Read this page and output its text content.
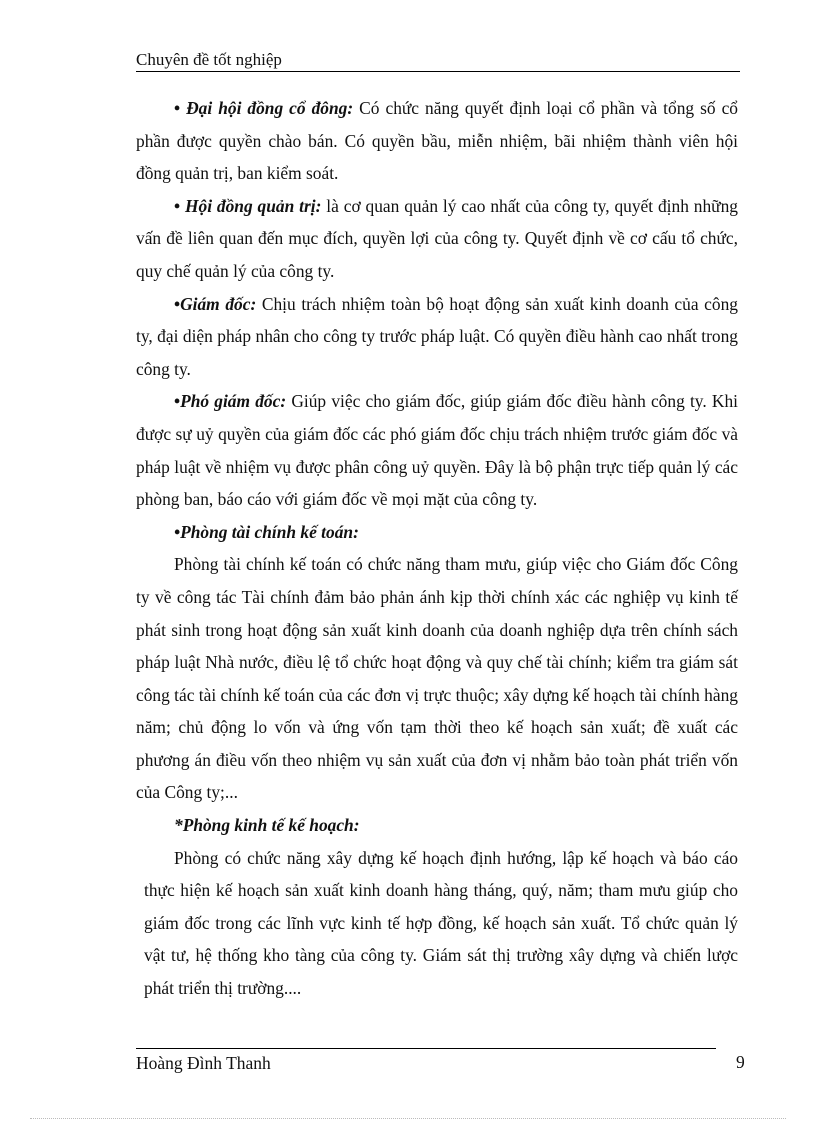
Chuyên đề tốt nghiệp

• Đại hội đồng cổ đông: Có chức năng quyết định loại cổ phần và tổng số cổ phần được quyền chào bán. Có quyền bầu, miễn nhiệm, bãi nhiệm thành viên hội đồng quản trị, ban kiểm soát.

• Hội đồng quản trị: là cơ quan quản lý cao nhất của công ty, quyết định những vấn đề liên quan đến mục đích, quyền lợi của công ty. Quyết định về cơ cấu tổ chức, quy chế quản lý của công ty.

•Giám đốc: Chịu trách nhiệm toàn bộ hoạt động sản xuất kinh doanh của công ty, đại diện pháp nhân cho công ty trước pháp luật. Có quyền điều hành cao nhất trong công ty.

•Phó giám đốc: Giúp việc cho giám đốc, giúp giám đốc điều hành công ty. Khi được sự uỷ quyền của giám đốc các phó giám đốc chịu trách nhiệm trước giám đốc và pháp luật về nhiệm vụ được phân công uỷ quyền. Đây là bộ phận trực tiếp quản lý các phòng ban, báo cáo với giám đốc về mọi mặt của công ty.

•Phòng tài chính kế toán:

Phòng tài chính kế toán có chức năng tham mưu, giúp việc cho Giám đốc Công ty về công tác Tài chính đảm bảo phản ánh kịp thời chính xác các nghiệp vụ kinh tế phát sinh trong hoạt động sản xuất kinh doanh của doanh nghiệp dựa trên chính sách pháp luật Nhà nước, điều lệ tổ chức hoạt động và quy chế tài chính; kiểm tra giám sát công tác tài chính kế toán của các đơn vị trực thuộc; xây dựng kế hoạch tài chính hàng năm; chủ động lo vốn và ứng vốn tạm thời theo kế hoạch sản xuất; đề xuất các phương án điều vốn theo nhiệm vụ sản xuất của đơn vị nhằm bảo toàn phát triển vốn của Công ty;...

*Phòng kinh tế kế hoạch:

Phòng có chức năng xây dựng kế hoạch định hướng, lập kế hoạch và báo cáo thực hiện kế hoạch sản xuất kinh doanh hàng tháng, quý, năm; tham mưu giúp cho giám đốc trong các lĩnh vực kinh tế hợp đồng, kế hoạch sản xuất. Tổ chức quản lý vật tư, hệ thống kho tàng của công ty. Giám sát thị trường xây dựng và chiến lược phát triển thị trường....

Hoàng Đình Thanh	9
